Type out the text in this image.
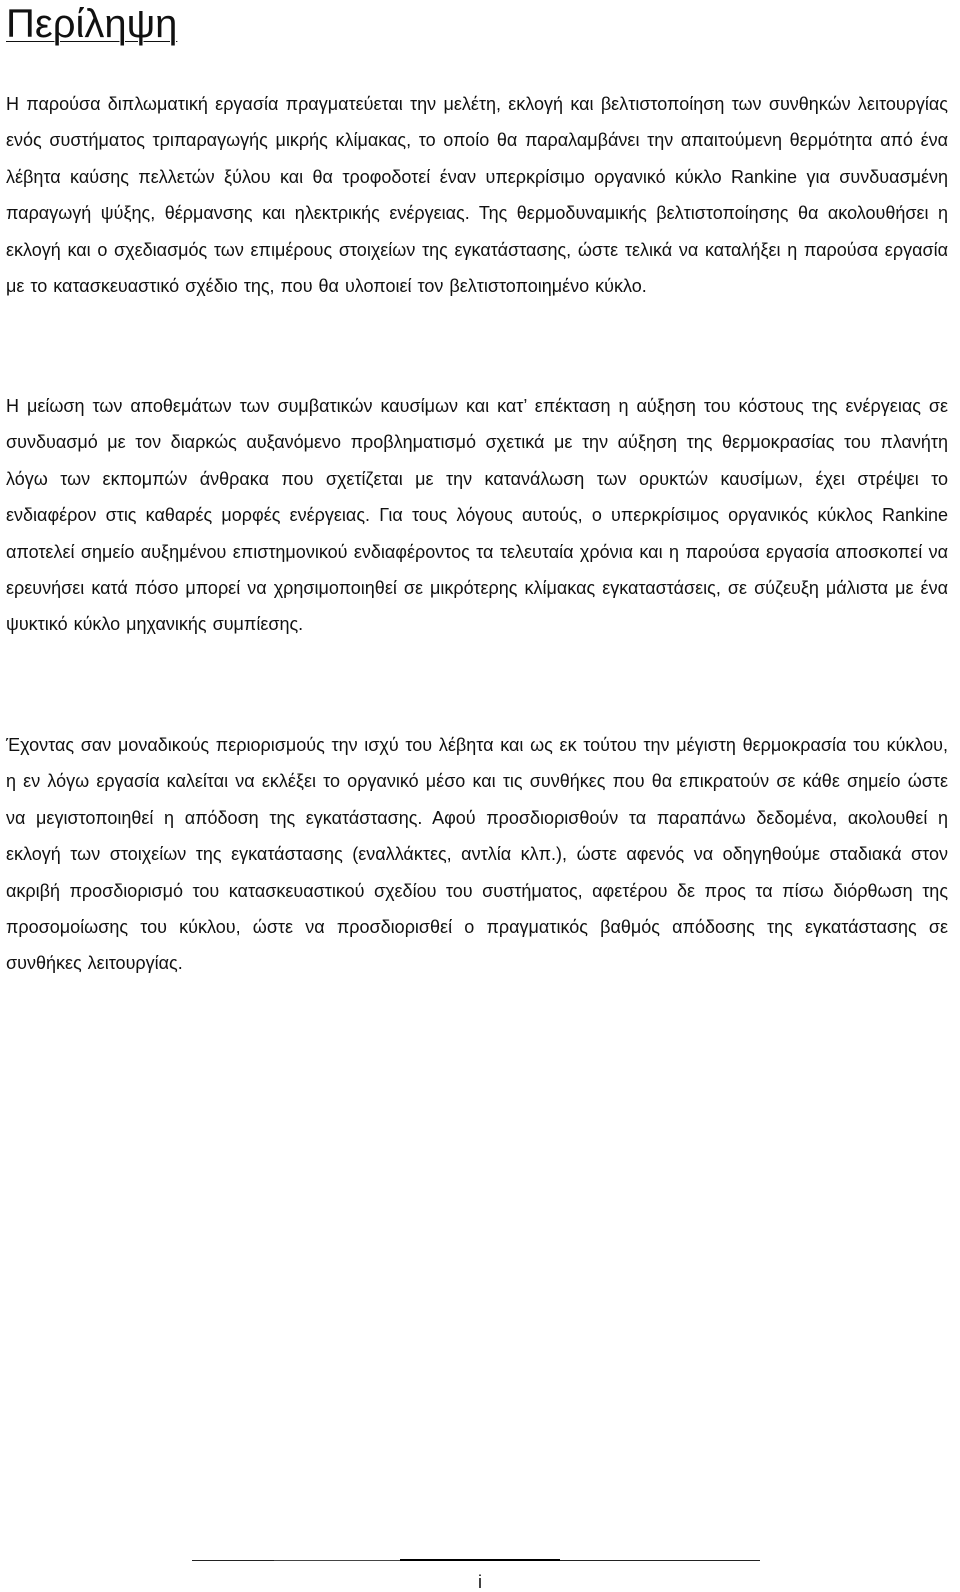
Περίληψη

Η παρούσα διπλωματική εργασία πραγματεύεται την μελέτη, εκλογή και βελτιστοποίηση των συνθηκών λειτουργίας ενός συστήματος τριπαραγωγής μικρής κλίμακας, το οποίο θα παραλαμβάνει την απαιτούμενη θερμότητα από ένα λέβητα καύσης πελλετών ξύλου και θα τροφοδοτεί έναν υπερκρίσιμο οργανικό κύκλο Rankine για συνδυασμένη παραγωγή ψύξης, θέρμανσης και ηλεκτρικής ενέργειας. Της θερμοδυναμικής βελτιστοποίησης θα ακολουθήσει η εκλογή και ο σχεδιασμός των επιμέρους στοιχείων της εγκατάστασης, ώστε τελικά να καταλήξει η παρούσα εργασία με το κατασκευαστικό σχέδιο της, που θα υλοποιεί τον βελτιστοποιημένο κύκλο.

Η μείωση των αποθεμάτων των συμβατικών καυσίμων και κατ’ επέκταση η αύξηση του κόστους της ενέργειας σε συνδυασμό με τον διαρκώς αυξανόμενο προβληματισμό σχετικά με την αύξηση της θερμοκρασίας του πλανήτη λόγω των εκπομπών άνθρακα που σχετίζεται με την κατανάλωση των ορυκτών καυσίμων, έχει στρέψει το ενδιαφέρον στις καθαρές μορφές ενέργειας. Για τους λόγους αυτούς, ο υπερκρίσιμος οργανικός κύκλος Rankine αποτελεί σημείο αυξημένου επιστημονικού ενδιαφέροντος τα τελευταία χρόνια και η παρούσα εργασία αποσκοπεί να ερευνήσει κατά πόσο μπορεί να χρησιμοποιηθεί σε μικρότερης κλίμακας εγκαταστάσεις, σε σύζευξη μάλιστα με ένα ψυκτικό κύκλο μηχανικής συμπίεσης.

Έχοντας σαν μοναδικούς περιορισμούς την ισχύ του λέβητα και ως εκ τούτου την μέγιστη θερμοκρασία του κύκλου, η εν λόγω εργασία καλείται να εκλέξει το οργανικό μέσο και τις συνθήκες που θα επικρατούν σε κάθε σημείο ώστε να μεγιστοποιηθεί η απόδοση της εγκατάστασης. Αφού προσδιορισθούν τα παραπάνω δεδομένα, ακολουθεί η εκλογή των στοιχείων της εγκατάστασης (εναλλάκτες, αντλία κλπ.), ώστε αφενός να οδηγηθούμε σταδιακά στον ακριβή προσδιορισμό του κατασκευαστικού σχεδίου του συστήματος, αφετέρου δε προς τα πίσω διόρθωση της προσομοίωσης του κύκλου, ώστε να προσδιορισθεί ο πραγματικός βαθμός απόδοσης της εγκατάστασης σε συνθήκες λειτουργίας.

i
